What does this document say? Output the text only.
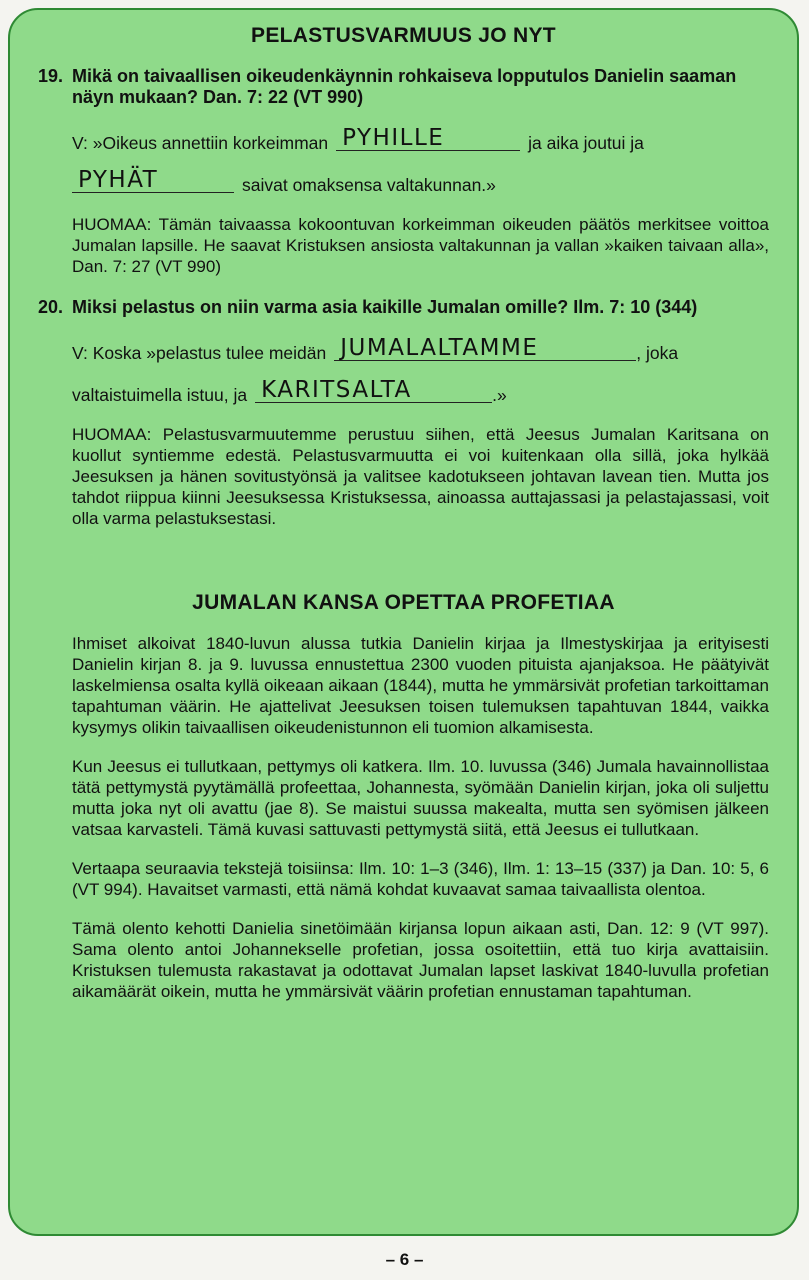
PELASTUSVARMUUS JO NYT
19. Mikä on taivaallisen oikeudenkäynnin rohkaiseva lopputulos Danielin saaman näyn mukaan? Dan. 7: 22 (VT 990)
V: »Oikeus annettiin korkeimman PYHILLE	ja aika joutui ja
PYHÄT	saivat omaksensa valtakunnan.»
HUOMAA: Tämän taivaassa kokoontuvan korkeimman oikeuden päätös merkitsee voittoa Jumalan lapsille. He saavat Kristuksen ansiosta valtakunnan ja vallan »kaiken taivaan alla», Dan. 7: 27 (VT 990)
20. Miksi pelastus on niin varma asia kaikille Jumalan omille? Ilm. 7: 10 (344)
V: Koska »pelastus tulee meidän JUMALALTAMME	, joka
valtaistuimella istuu, ja KARITSALTA	.»
HUOMAA: Pelastusvarmuutemme perustuu siihen, että Jeesus Jumalan Karitsana on kuollut syntiemme edestä. Pelastusvarmuutta ei voi kuitenkaan olla sillä, joka hylkää Jeesuksen ja hänen sovitustyönsä ja valitsee kadotukseen johtavan lavean tien. Mutta jos tahdot riippua kiinni Jeesuksessa Kristuksessa, ainoassa auttajassasi ja pelastajassasi, voit olla varma pelastuksestasi.
JUMALAN KANSA OPETTAA PROFETIAA
Ihmiset alkoivat 1840-luvun alussa tutkia Danielin kirjaa ja Ilmestyskirjaa ja erityisesti Danielin kirjan 8. ja 9. luvussa ennustettua 2300 vuoden pituista ajanjaksoa. He päätyivät laskelmiensa osalta kyllä oikeaan aikaan (1844), mutta he ymmärsivät profetian tarkoittaman tapahtuman väärin. He ajattelivat Jeesuksen toisen tulemuksen tapahtuvan 1844, vaikka kysymys olikin taivaallisen oikeudenistunnon eli tuomion alkamisesta.
Kun Jeesus ei tullutkaan, pettymys oli katkera. Ilm. 10. luvussa (346) Jumala havainnollistaa tätä pettymystä pyytämällä profeettaa, Johannesta, syömään Danielin kirjan, joka oli suljettu mutta joka nyt oli avattu (jae 8). Se maistui suussa makealta, mutta sen syömisen jälkeen vatsaa karvasteli. Tämä kuvasi sattuvasti pettymystä siitä, että Jeesus ei tullutkaan.
Vertaapa seuraavia tekstejä toisiinsa: Ilm. 10: 1–3 (346), Ilm. 1: 13–15 (337) ja Dan. 10: 5, 6 (VT 994). Havaitset varmasti, että nämä kohdat kuvaavat samaa taivaallista olentoa.
Tämä olento kehotti Danielia sinetöimään kirjansa lopun aikaan asti, Dan. 12: 9 (VT 997). Sama olento antoi Johannekselle profetian, jossa osoitettiin, että tuo kirja avattaisiin. Kristuksen tulemusta rakastavat ja odottavat Jumalan lapset laskivat 1840-luvulla profetian aikamäärät oikein, mutta he ymmärsivät väärin profetian ennustaman tapahtuman.
– 6 –
